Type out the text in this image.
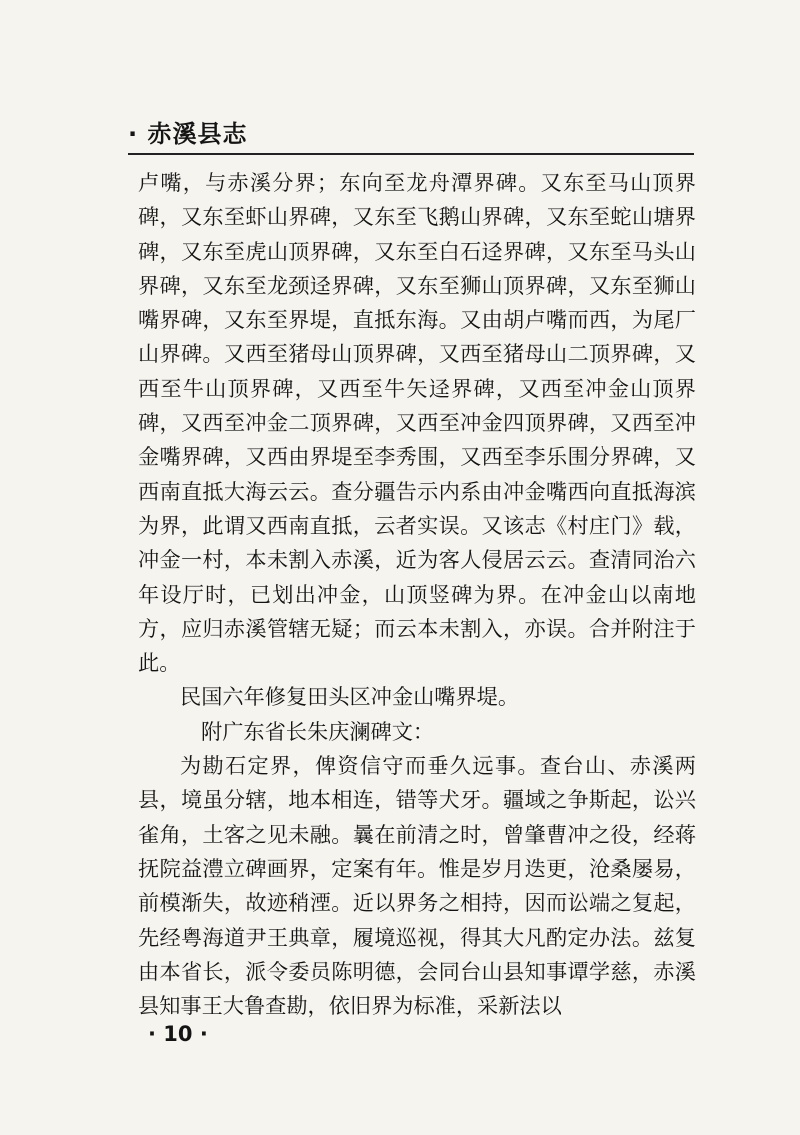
· 赤溪县志

卢嘴，与赤溪分界；东向至龙舟潭界碑。又东至马山顶界碑，又东至虾山界碑，又东至飞鹅山界碑，又东至蛇山塘界碑，又东至虎山顶界碑，又东至白石迳界碑，又东至马头山界碑，又东至龙颈迳界碑，又东至狮山顶界碑，又东至狮山嘴界碑，又东至界堤，直抵东海。又由胡卢嘴而西，为尾厂山界碑。又西至猪母山顶界碑，又西至猪母山二顶界碑，又西至牛山顶界碑，又西至牛矢迳界碑，又西至冲金山顶界碑，又西至冲金二顶界碑，又西至冲金四顶界碑，又西至冲金嘴界碑，又西由界堤至李秀围，又西至李乐围分界碑，又西南直抵大海云云。查分疆告示内系由冲金嘴西向直抵海滨为界，此谓又西南直抵，云者实误。又该志《村庄门》载，冲金一村，本未割入赤溪，近为客人侵居云云。查清同治六年设厅时，已划出冲金，山顶竖碑为界。在冲金山以南地方，应归赤溪管辖无疑；而云本未割入，亦误。合并附注于此。

民国六年修复田头区冲金山嘴界堤。

附广东省长朱庆澜碑文：

为勘石定界，俾资信守而垂久远事。查台山、赤溪两县，境虽分辖，地本相连，错等犬牙。疆域之争斯起，讼兴雀角，土客之见未融。曩在前清之时，曾肇曹冲之役，经蒋抚院益澧立碑画界，定案有年。惟是岁月迭更，沧桑屡易，前模渐失，故迹稍湮。近以界务之相持，因而讼端之复起，先经粤海道尹王典章，履境巡视，得其大凡酌定办法。兹复由本省长，派令委员陈明德，会同台山县知事谭学慈，赤溪县知事王大鲁查勘，依旧界为标准，采新法以

· 10 ·
